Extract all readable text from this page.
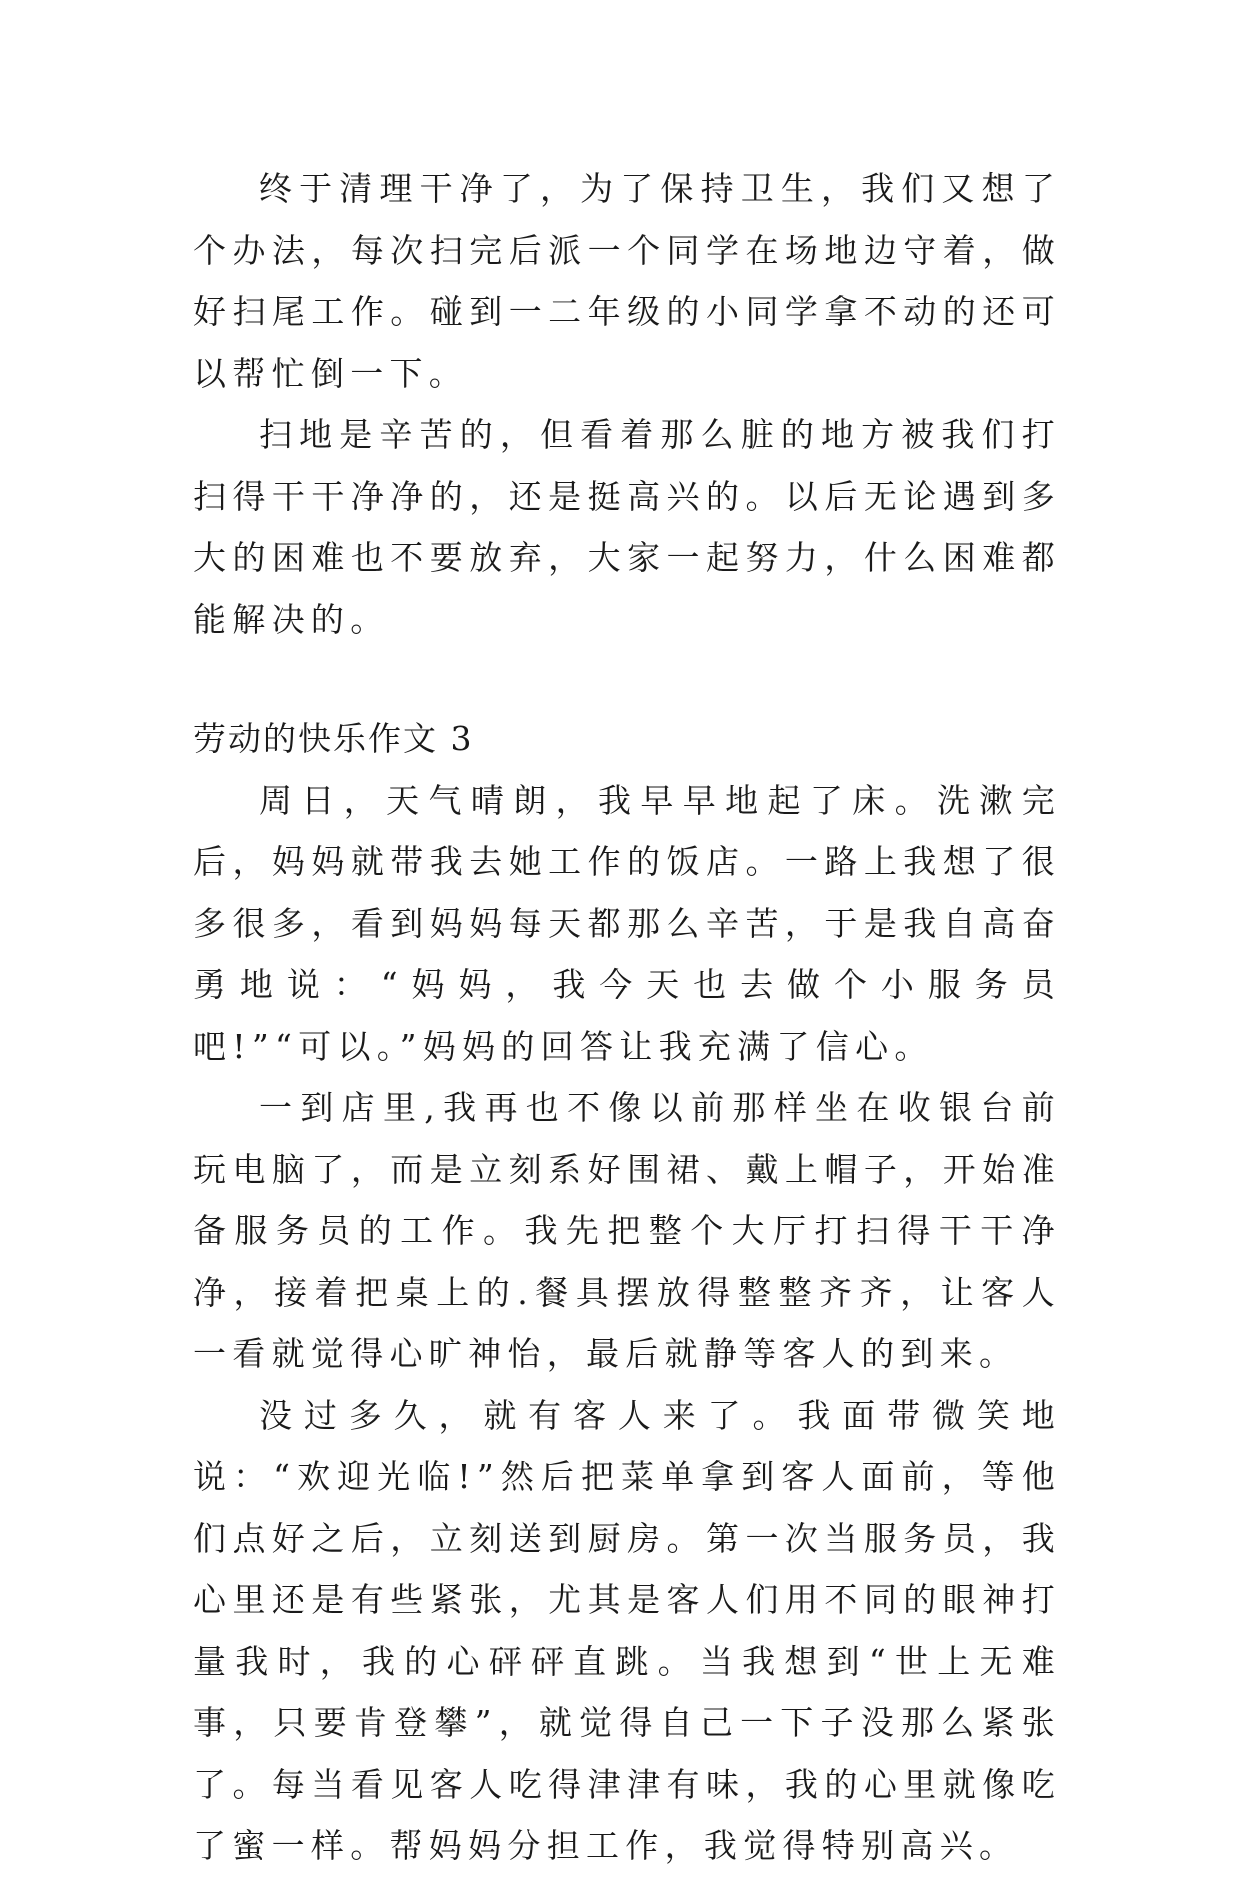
终于清理干净了，为了保持卫生，我们又想了个办法，每次扫完后派一个同学在场地边守着，做好扫尾工作。碰到一二年级的小同学拿不动的还可以帮忙倒一下。

扫地是辛苦的，但看着那么脏的地方被我们打扫得干干净净的，还是挺高兴的。以后无论遇到多大的困难也不要放弃，大家一起努力，什么困难都能解决的。

劳动的快乐作文 3

周日，天气晴朗，我早早地起了床。洗漱完后，妈妈就带我去她工作的饭店。一路上我想了很多很多，看到妈妈每天都那么辛苦，于是我自高奋勇地说：“妈妈，我今天也去做个小服务员吧!”“可以。”妈妈的回答让我充满了信心。

一到店里,我再也不像以前那样坐在收银台前玩电脑了，而是立刻系好围裙、戴上帽子，开始准备服务员的工作。我先把整个大厅打扫得干干净净，接着把桌上的.餐具摆放得整整齐齐，让客人一看就觉得心旷神怡，最后就静等客人的到来。

没过多久，就有客人来了。我面带微笑地说：“欢迎光临!”然后把菜单拿到客人面前，等他们点好之后，立刻送到厨房。第一次当服务员，我心里还是有些紧张，尤其是客人们用不同的眼神打量我时，我的心砰砰直跳。当我想到“世上无难事，只要肯登攀”，就觉得自己一下子没那么紧张了。每当看见客人吃得津津有味，我的心里就像吃了蜜一样。帮妈妈分担工作，我觉得特别高兴。
